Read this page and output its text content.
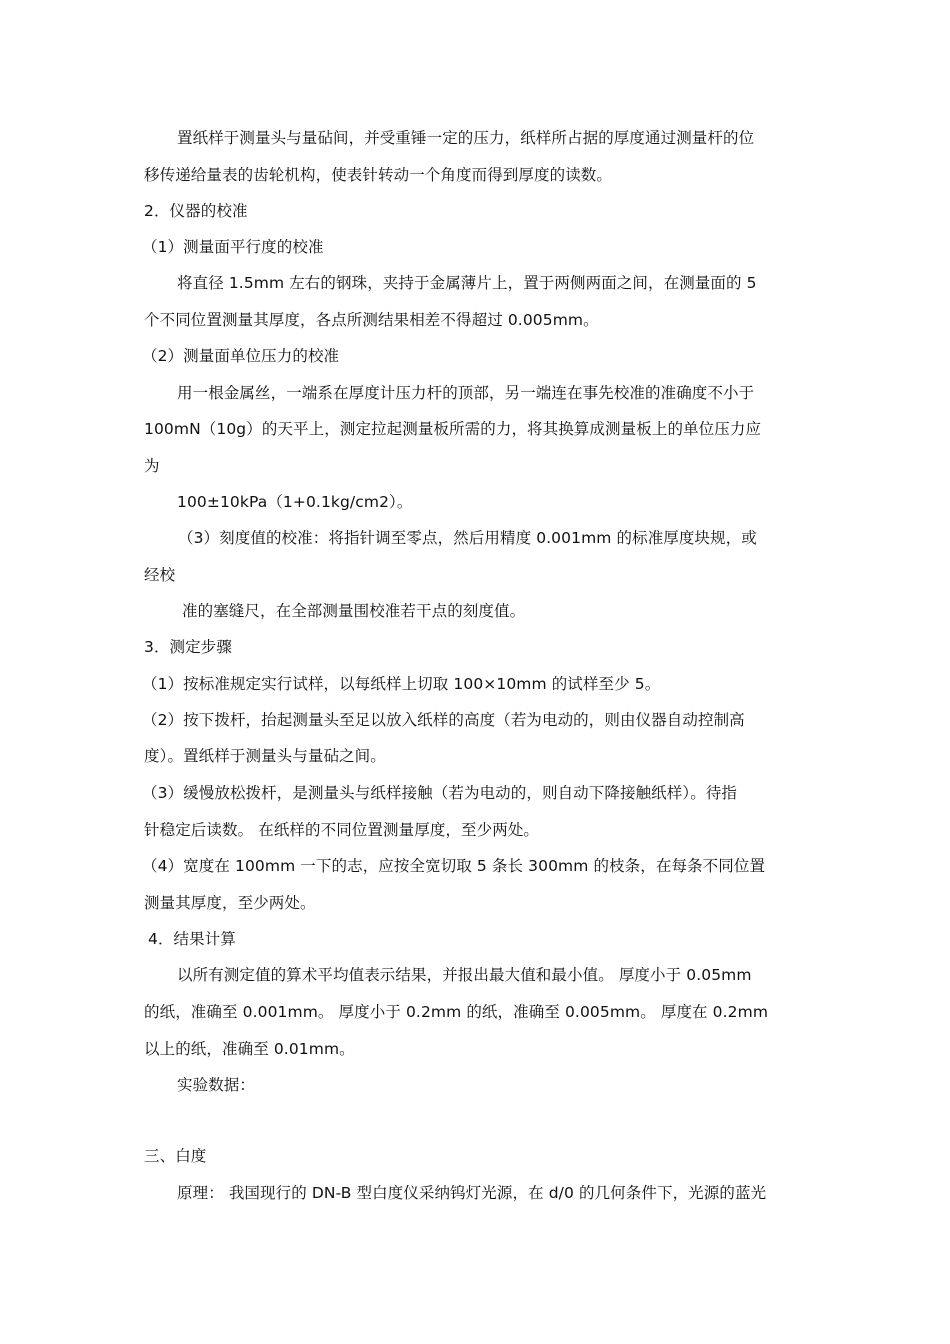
置纸样于测量头与量砧间，并受重锤一定的压力，纸样所占据的厚度通过测量杆的位
移传递给量表的齿轮机构，使表针转动一个角度而得到厚度的读数。
2．仪器的校准
（1）测量面平行度的校准
将直径 1.5mm 左右的钢珠，夹持于金属薄片上，置于两侧两面之间，在测量面的 5
个不同位置测量其厚度，各点所测结果相差不得超过 0.005mm。
（2）测量面单位压力的校准
用一根金属丝，一端系在厚度计压力杆的顶部，另一端连在事先校准的准确度不小于
100mN（10g）的天平上，测定拉起测量板所需的力，将其换算成测量板上的单位压力应
为
100±10kPa（1+0.1kg/cm2）。
（3）刻度值的校准：将指针调至零点，然后用精度 0.001mm 的标准厚度块规，或
经校
准的塞缝尺，在全部测量围校准若干点的刻度值。
3．测定步骤
（1）按标准规定实行试样，以每纸样上切取 100×10mm 的试样至少 5。
（2）按下拨杆，抬起测量头至足以放入纸样的高度（若为电动的，则由仪器自动控制高
度）。置纸样于测量头与量砧之间。
（3）缓慢放松拨杆，是测量头与纸样接触（若为电动的，则自动下降接触纸样）。待指
针稳定后读数。 在纸样的不同位置测量厚度，至少两处。
（4）宽度在 100mm 一下的志，应按全宽切取 5 条长 300mm 的枝条，在每条不同位置
测量其厚度，至少两处。
4．结果计算
以所有测定值的算术平均值表示结果，并报出最大值和最小值。 厚度小于 0.05mm
的纸，准确至 0.001mm。 厚度小于 0.2mm 的纸，准确至 0.005mm。 厚度在 0.2mm
以上的纸，准确至 0.01mm。
实验数据：
三、白度
原理： 我国现行的 DN-B 型白度仪采纳钨灯光源，在 d/0 的几何条件下，光源的蓝光
